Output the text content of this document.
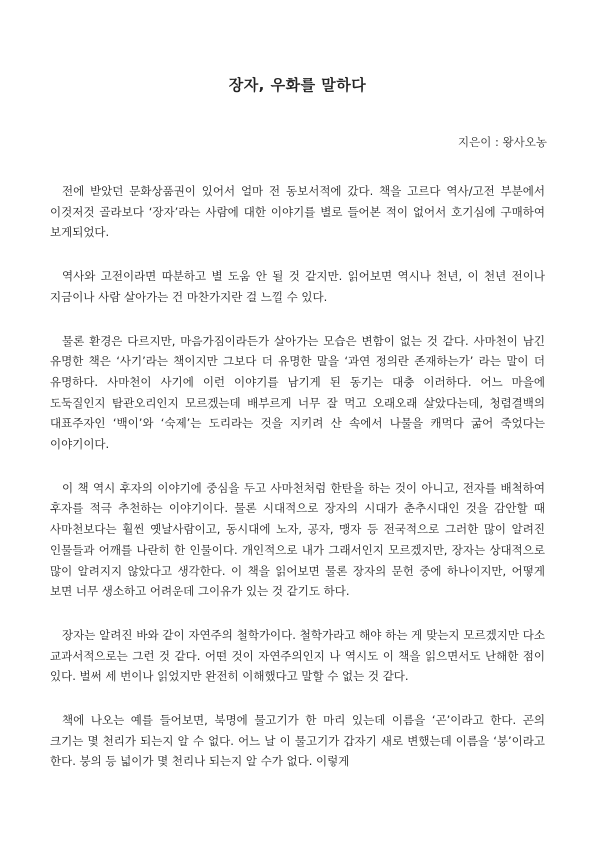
장자, 우화를 말하다
지은이 : 왕사오농

전에 받았던 문화상품권이 있어서 얼마 전 동보서적에 갔다. 책을 고르다 역사/고전 부분에서 이것저것 골라보다 ‘장자’라는 사람에 대한 이야기를 별로 들어본 적이 없어서 호기심에 구매하여 보게되었다.

역사와 고전이라면 따분하고 별 도움 안 될 것 같지만. 읽어보면 역시나 천년, 이 천년 전이나 지금이나 사람 살아가는 건 마찬가지란 걸 느낄 수 있다.

물론 환경은 다르지만, 마음가짐이라든가 살아가는 모습은 변함이 없는 것 같다. 사마천이 남긴 유명한 책은 ‘사기’라는 책이지만 그보다 더 유명한 말을 ‘과연 정의란 존재하는가’ 라는 말이 더 유명하다. 사마천이 사기에 이런 이야기를 남기게 된 동기는 대충 이러하다. 어느 마을에 도둑질인지 탐관오리인지 모르겠는데 배부르게 너무 잘 먹고 오래오래 살았다는데, 청렴결백의 대표주자인 ‘백이’와 ‘숙제’는 도리라는 것을 지키려 산 속에서 나물을 캐먹다 굶어 죽었다는 이야기이다.

이 책 역시 후자의 이야기에 중심을 두고 사마천처럼 한탄을 하는 것이 아니고, 전자를 배척하여 후자를 적극 추천하는 이야기이다. 물론 시대적으로 장자의 시대가 춘추시대인 것을 감안할 때 사마천보다는 훨씬 옛날사람이고, 동시대에 노자, 공자, 맹자 등 전국적으로 그러한 많이 알려진 인물들과 어깨를 나란히 한 인물이다. 개인적으로 내가 그래서인지 모르겠지만, 장자는 상대적으로 많이 알려지지 않았다고 생각한다. 이 책을 읽어보면 물론 장자의 문헌 중에 하나이지만, 어떻게 보면 너무 생소하고 어려운데 그이유가 있는 것 같기도 하다.

장자는 알려진 바와 같이 자연주의 철학가이다. 철학가라고 해야 하는 게 맞는지 모르겠지만 다소 교과서적으로는 그런 것 같다. 어떤 것이 자연주의인지 나 역시도 이 책을 읽으면서도 난해한 점이 있다. 벌써 세 번이나 읽었지만 완전히 이해했다고 말할 수 없는 것 같다.

책에 나오는 예를 들어보면, 북명에 물고기가 한 마리 있는데 이름을 ‘곤’이라고 한다. 곤의 크기는 몇 천리가 되는지 알 수 없다. 어느 날 이 물고기가 갑자기 새로 변했는데 이름을 ‘붕’이라고 한다. 붕의 등 넓이가 몇 천리나 되는지 알 수가 없다. 이렇게
